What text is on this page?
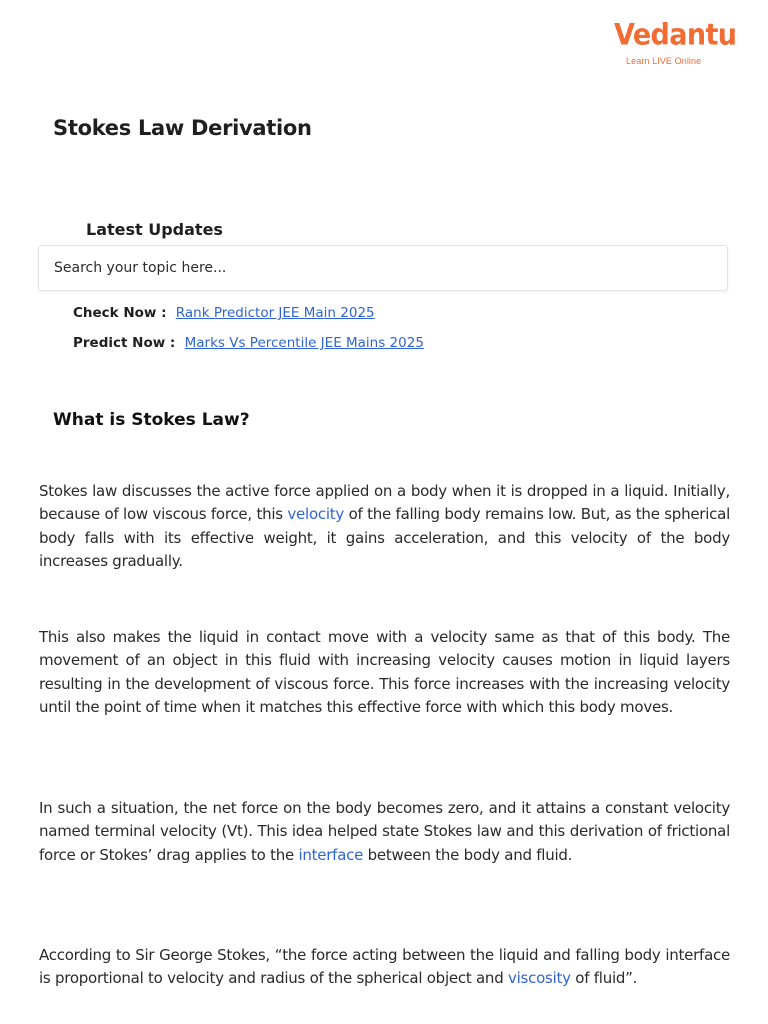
Vedantu
Learn LIVE Online
Stokes Law Derivation
Latest Updates
Search your topic here...
Check Now : Rank Predictor JEE Main 2025
Predict Now : Marks Vs Percentile JEE Mains 2025
What is Stokes Law?

Stokes law discusses the active force applied on a body when it is dropped in a liquid. Initially, because of low viscous force, this velocity of the falling body remains low. But, as the spherical body falls with its effective weight, it gains acceleration, and this velocity of the body increases gradually.

This also makes the liquid in contact move with a velocity same as that of this body. The movement of an object in this fluid with increasing velocity causes motion in liquid layers resulting in the development of viscous force. This force increases with the increasing velocity until the point of time when it matches this effective force with which this body moves.

In such a situation, the net force on the body becomes zero, and it attains a constant velocity named terminal velocity (Vt). This idea helped state Stokes law and this derivation of frictional force or Stokes’ drag applies to the interface between the body and fluid.

According to Sir George Stokes, “the force acting between the liquid and falling body interface is proportional to velocity and radius of the spherical object and viscosity of fluid”.
